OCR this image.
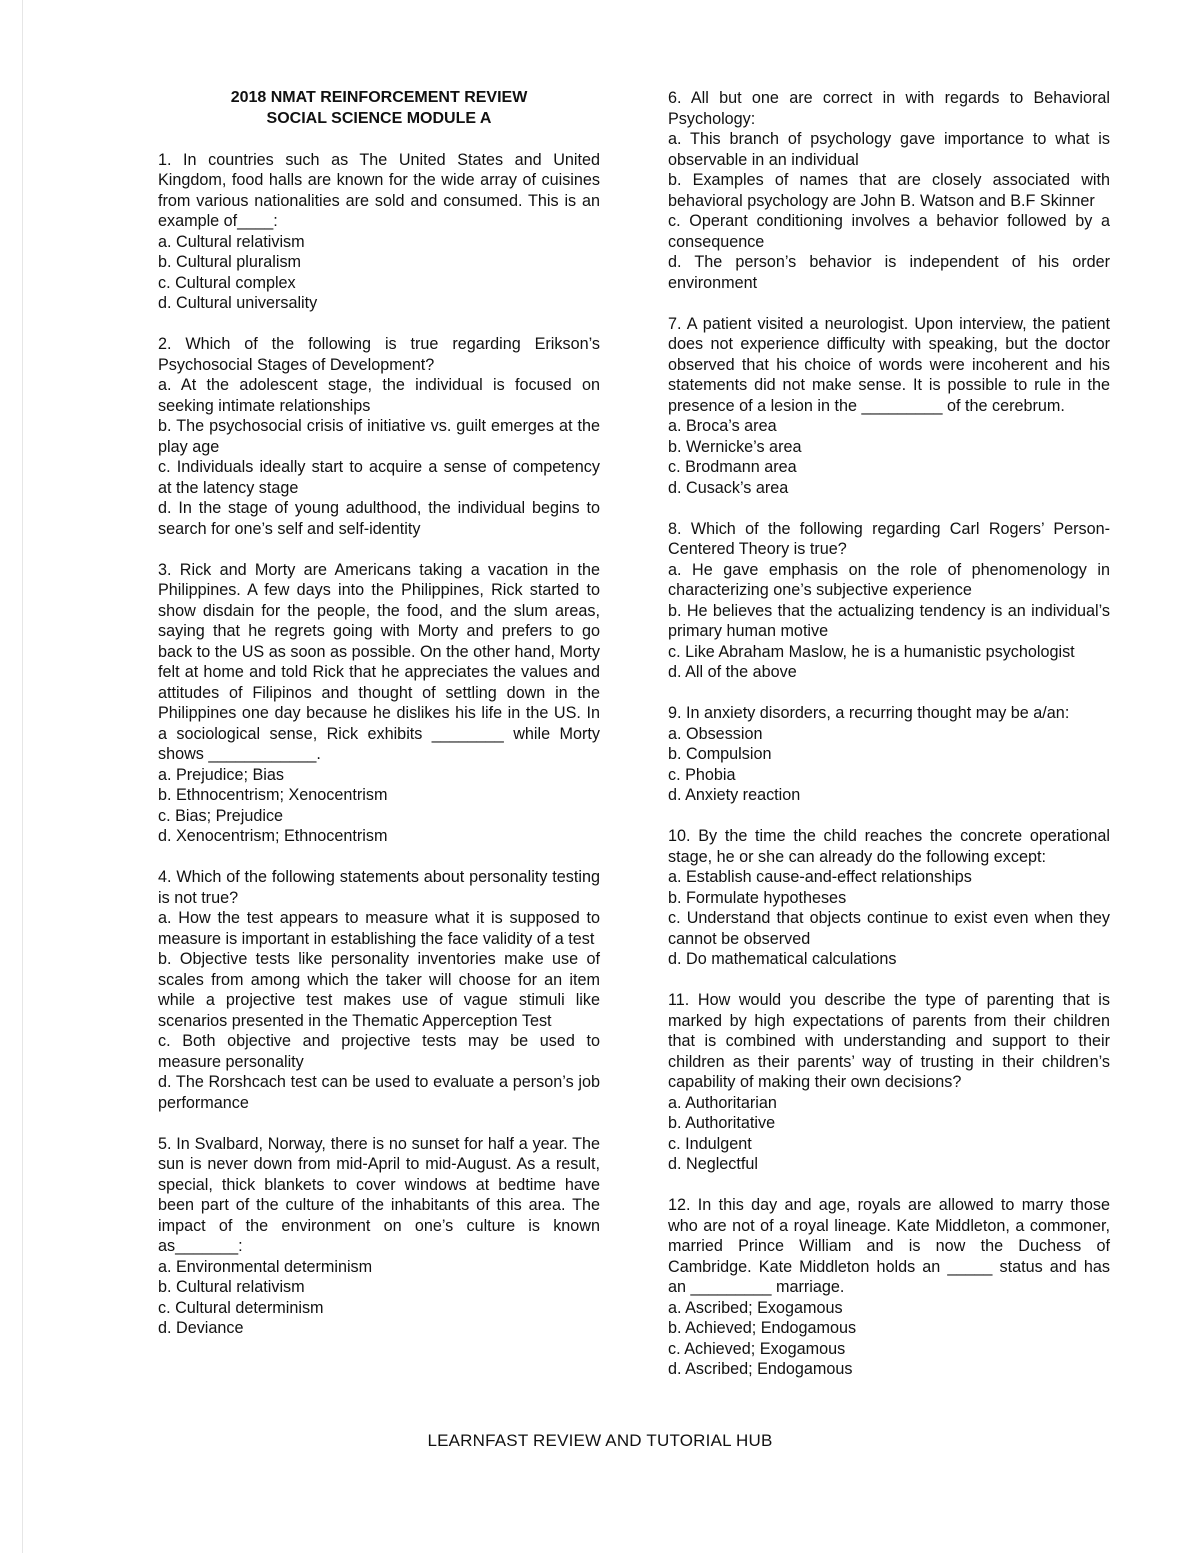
2018 NMAT REINFORCEMENT REVIEW

SOCIAL SCIENCE MODULE A

1. In countries such as The United States and United Kingdom, food halls are known for the wide array of cuisines from various nationalities are sold and consumed. This is an example of____:

a. Cultural relativism
b. Cultural pluralism
c. Cultural complex
d. Cultural universality

2. Which of the following is true regarding Erikson’s Psychosocial Stages of Development?

a. At the adolescent stage, the individual is focused on seeking intimate relationships
b. The psychosocial crisis of initiative vs. guilt emerges at the play age
c. Individuals ideally start to acquire a sense of competency at the latency stage
d. In the stage of young adulthood, the individual begins to search for one’s self and self-identity

3. Rick and Morty are Americans taking a vacation in the Philippines. A few days into the Philippines, Rick started to show disdain for the people, the food, and the slum areas, saying that he regrets going with Morty and prefers to go back to the US as soon as possible. On the other hand, Morty felt at home and told Rick that he appreciates the values and attitudes of Filipinos and thought of settling down in the Philippines one day because he dislikes his life in the US. In a sociological sense, Rick exhibits ________ while Morty shows ____________.

a. Prejudice; Bias
b. Ethnocentrism; Xenocentrism
c. Bias; Prejudice
d. Xenocentrism; Ethnocentrism

4. Which of the following statements about personality testing is not true?

a. How the test appears to measure what it is supposed to measure is important in establishing the face validity of a test
b. Objective tests like personality inventories make use of scales from among which the taker will choose for an item while a projective test makes use of vague stimuli like scenarios presented in the Thematic Apperception Test
c. Both objective and projective tests may be used to measure personality
d. The Rorshcach test can be used to evaluate a person’s job performance

5. In Svalbard, Norway, there is no sunset for half a year. The sun is never down from mid-April to mid-August. As a result, special, thick blankets to cover windows at bedtime have been part of the culture of the inhabitants of this area. The impact of the environment on one’s culture is known as_______:

a. Environmental determinism
b. Cultural relativism
c. Cultural determinism
d. Deviance

6. All but one are correct in with regards to Behavioral Psychology:

a. This branch of psychology gave importance to what is observable in an individual
b. Examples of names that are closely associated with behavioral psychology are John B. Watson and B.F Skinner
c. Operant conditioning involves a behavior followed by a consequence
d. The person’s behavior is independent of his order environment

7. A patient visited a neurologist. Upon interview, the patient does not experience difficulty with speaking, but the doctor observed that his choice of words were incoherent and his statements did not make sense. It is possible to rule in the presence of a lesion in the _________ of the cerebrum.

a. Broca’s area
b. Wernicke’s area
c. Brodmann area
d. Cusack’s area

8. Which of the following regarding Carl Rogers’ Person-Centered Theory is true?

a. He gave emphasis on the role of phenomenology in characterizing one’s subjective experience
b. He believes that the actualizing tendency is an individual’s primary human motive
c. Like Abraham Maslow, he is a humanistic psychologist
d. All of the above

9. In anxiety disorders, a recurring thought may be a/an:

a. Obsession
b. Compulsion
c. Phobia
d. Anxiety reaction

10. By the time the child reaches the concrete operational stage, he or she can already do the following except:

a. Establish cause-and-effect relationships
b. Formulate hypotheses
c. Understand that objects continue to exist even when they cannot be observed
d. Do mathematical calculations

11. How would you describe the type of parenting that is marked by high expectations of parents from their children that is combined with understanding and support to their children as their parents’ way of trusting in their children’s capability of making their own decisions?

a. Authoritarian
b. Authoritative
c. Indulgent
d. Neglectful

12. In this day and age, royals are allowed to marry those who are not of a royal lineage. Kate Middleton, a commoner, married Prince William and is now the Duchess of Cambridge. Kate Middleton holds an _____ status and has an _________ marriage.

a. Ascribed; Exogamous
b. Achieved; Endogamous
c. Achieved; Exogamous
d. Ascribed; Endogamous
LEARNFAST REVIEW AND TUTORIAL HUB
